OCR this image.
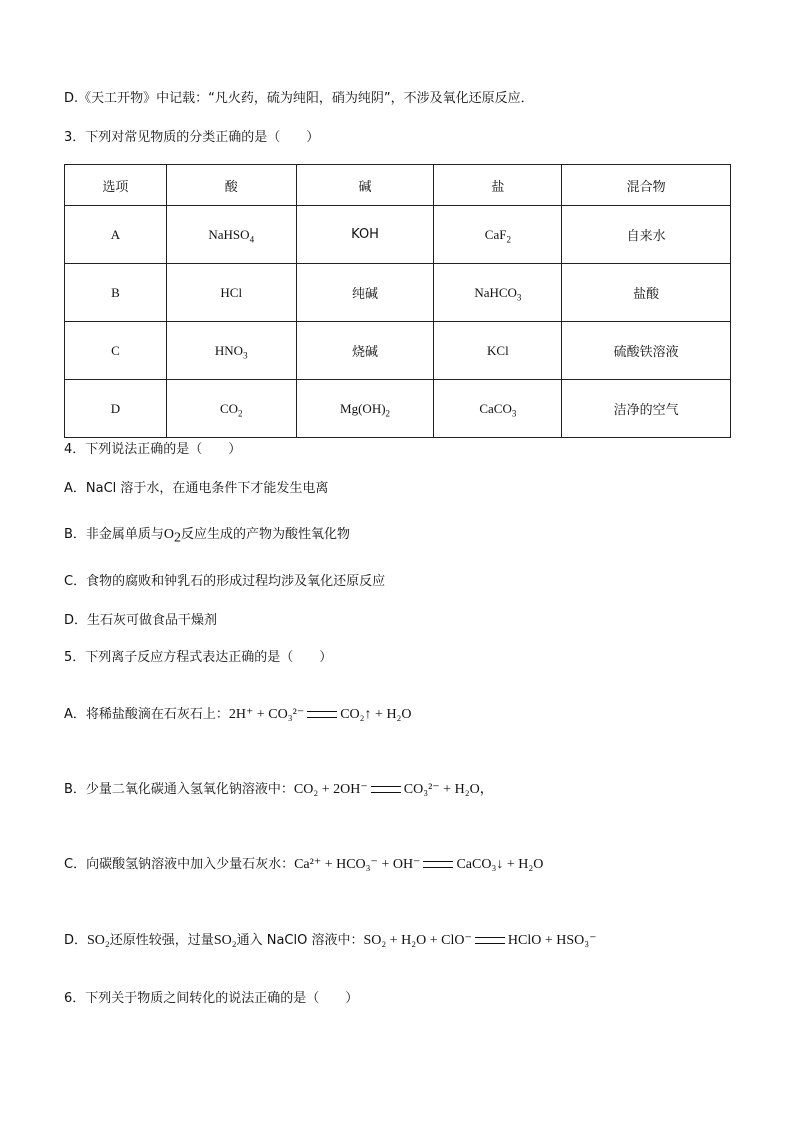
D.《天工开物》中记载：“凡火药，硫为纯阳，硝为纯阴”，不涉及氧化还原反应．
3．下列对常见物质的分类正确的是（　　）
选项	酸	碱	盐	混合物
A	NaHSO$_4$	KOH	CaF$_2$	自来水
B	HCl	纯碱	NaHCO$_3$	盐酸
C	$HNO_3$	烧碱	KCl	硫酸铁溶液
D	$CO_2$	$Mg(OH)_2$	CaCO$_3$	洁净的空气
4．下列说法正确的是（　　）
A．NaCl 溶于水，在通电条件下才能发生电离
B．非金属单质与$O_2$反应生成的产物为酸性氧化物
C．食物的腐败和钟乳石的形成过程均涉及氧化还原反应
D．生石灰可做食品干燥剂
5．下列离子反应方程式表达正确的是（　　）
A．将稀盐酸滴在石灰石上：2H⁺ + CO₃²⁻	CO₂↑ + H₂O
B．少量二氧化碳通入氢氧化钠溶液中：CO₂ + 2OH⁻	CO₃²⁻ + H₂O，
C．向碳酸氢钠溶液中加入少量石灰水：Ca²⁺ + HCO₃⁻ + OH⁻	CaCO₃↓ + H₂O
D．SO₂还原性较强，过量SO₂通入 NaClO 溶液中：SO₂ + H₂O + ClO⁻	HClO + HSO₃⁻
6．下列关于物质之间转化的说法正确的是（　　）
